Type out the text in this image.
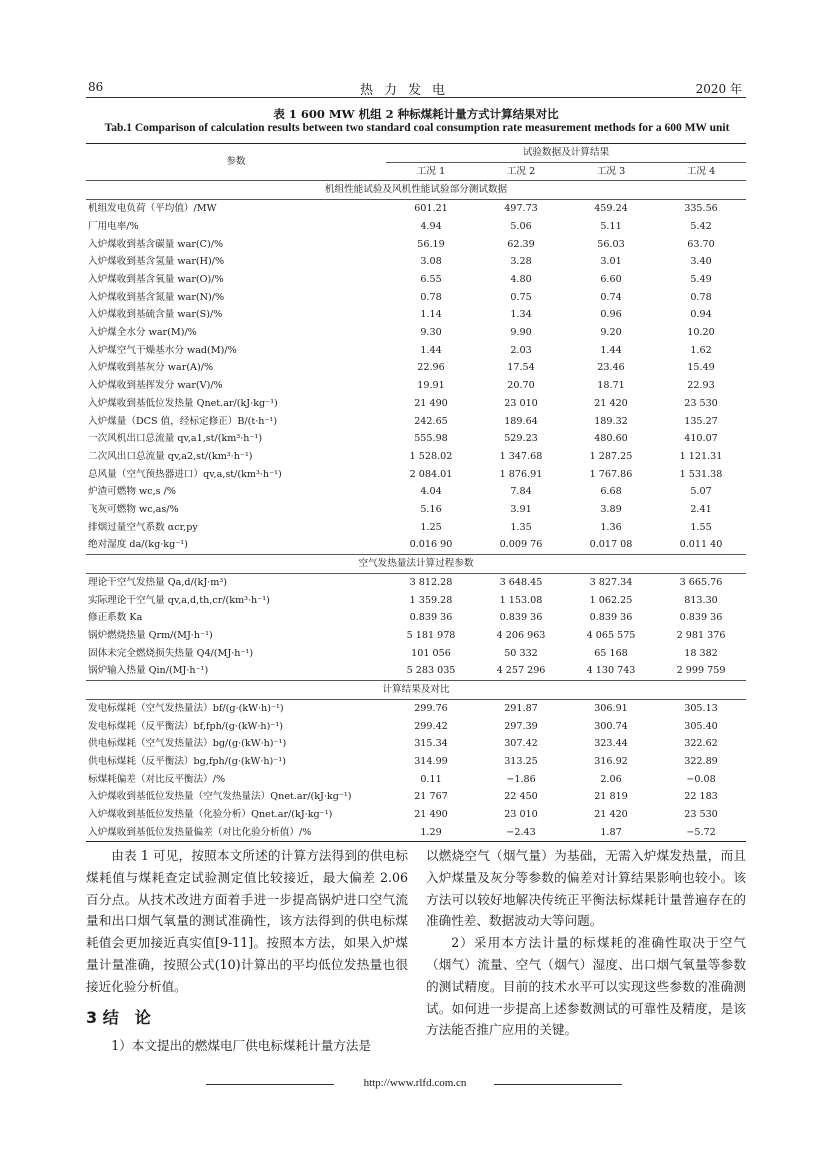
86	热力发电	2020 年
表 1 600 MW 机组 2 种标煤耗计量方式计算结果对比
Tab.1 Comparison of calculation results between two standard coal consumption rate measurement methods for a 600 MW unit
参数	试验数据及计算结果			
	工况 1	工况 2	工况 3	工况 4
机组性能试验及风机性能试验部分测试数据				
机组发电负荷（平均值）/MW	601.21	497.73	459.24	335.56
厂用电率/%	4.94	5.06	5.11	5.42
入炉煤收到基含碳量 war(C)/%	56.19	62.39	56.03	63.70
入炉煤收到基含氢量 war(H)/%	3.08	3.28	3.01	3.40
入炉煤收到基含氧量 war(O)/%	6.55	4.80	6.60	5.49
入炉煤收到基含氮量 war(N)/%	0.78	0.75	0.74	0.78
入炉煤收到基硫含量 war(S)/%	1.14	1.34	0.96	0.94
入炉煤全水分 war(M)/%	9.30	9.90	9.20	10.20
入炉煤空气干燥基水分 wad(M)/%	1.44	2.03	1.44	1.62
入炉煤收到基灰分 war(A)/%	22.96	17.54	23.46	15.49
入炉煤收到基挥发分 war(V)/%	19.91	20.70	18.71	22.93
入炉煤收到基低位发热量 Qnet.ar/(kJ·kg⁻¹)	21 490	23 010	21 420	23 530
入炉煤量（DCS 值，经标定修正）B/(t·h⁻¹)	242.65	189.64	189.32	135.27
一次风机出口总流量 qv,a1,st/(km³·h⁻¹)	555.98	529.23	480.60	410.07
二次风出口总流量 qv,a2,st/(km³·h⁻¹)	1 528.02	1 347.68	1 287.25	1 121.31
总风量（空气预热器进口）qv,a,st/(km³·h⁻¹)	2 084.01	1 876.91	1 767.86	1 531.38
炉渣可燃物 wc,s /%	4.04	7.84	6.68	5.07
飞灰可燃物 wc,as/%	5.16	3.91	3.89	2.41
排烟过量空气系数 αcr,py	1.25	1.35	1.36	1.55
绝对湿度 da/(kg·kg⁻¹)	0.016 90	0.009 76	0.017 08	0.011 40
空气发热量法计算过程参数				
理论干空气发热量 Qa,d/(kJ·m³)	3 812.28	3 648.45	3 827.34	3 665.76
实际理论干空气量 qv,a,d,th,cr/(km³·h⁻¹)	1 359.28	1 153.08	1 062.25	813.30
修正系数 Ka	0.839 36	0.839 36	0.839 36	0.839 36
锅炉燃烧热量 Qrm/(MJ·h⁻¹)	5 181 978	4 206 963	4 065 575	2 981 376
固体未完全燃烧损失热量 Q4/(MJ·h⁻¹)	101 056	50 332	65 168	18 382
锅炉输入热量 Qin/(MJ·h⁻¹)	5 283 035	4 257 296	4 130 743	2 999 759
计算结果及对比				
发电标煤耗（空气发热量法）bf/(g·(kW·h)⁻¹)	299.76	291.87	306.91	305.13
发电标煤耗（反平衡法）bf,fph/(g·(kW·h)⁻¹)	299.42	297.39	300.74	305.40
供电标煤耗（空气发热量法）bg/(g·(kW·h)⁻¹)	315.34	307.42	323.44	322.62
供电标煤耗（反平衡法）bg,fph/(g·(kW·h)⁻¹)	314.99	313.25	316.92	322.89
标煤耗偏差（对比反平衡法）/%	0.11	−1.86	2.06	−0.08
入炉煤收到基低位发热量（空气发热量法）Qnet.ar/(kJ·kg⁻¹)	21 767	22 450	21 819	22 183
入炉煤收到基低位发热量（化验分析）Qnet.ar/(kJ·kg⁻¹)	21 490	23 010	21 420	23 530
入炉煤收到基低位发热量偏差（对比化验分析值）/%	1.29	−2.43	1.87	−5.72
由表 1 可见，按照本文所述的计算方法得到的供电标煤耗值与煤耗查定试验测定值比较接近，最大偏差 2.06 百分点。从技术改进方面着手进一步提高锅炉进口空气流量和出口烟气氧量的测试准确性，该方法得到的供电标煤耗值会更加接近真实值[9-11]。按照本方法，如果入炉煤量计量准确，按照公式(10)计算出的平均低位发热量也很接近化验分析值。
3 结　论
1）本文提出的燃煤电厂供电标煤耗计量方法是
以燃烧空气（烟气量）为基础，无需入炉煤发热量，而且入炉煤量及灰分等参数的偏差对计算结果影响也较小。该方法可以较好地解决传统正平衡法标煤耗计量普遍存在的准确性差、数据波动大等问题。
2）采用本方法计量的标煤耗的准确性取决于空气（烟气）流量、空气（烟气）湿度、出口烟气氧量等参数的测试精度。目前的技术水平可以实现这些参数的准确测试。如何进一步提高上述参数测试的可靠性及精度，是该方法能否推广应用的关键。
http://www.rlfd.com.cn
